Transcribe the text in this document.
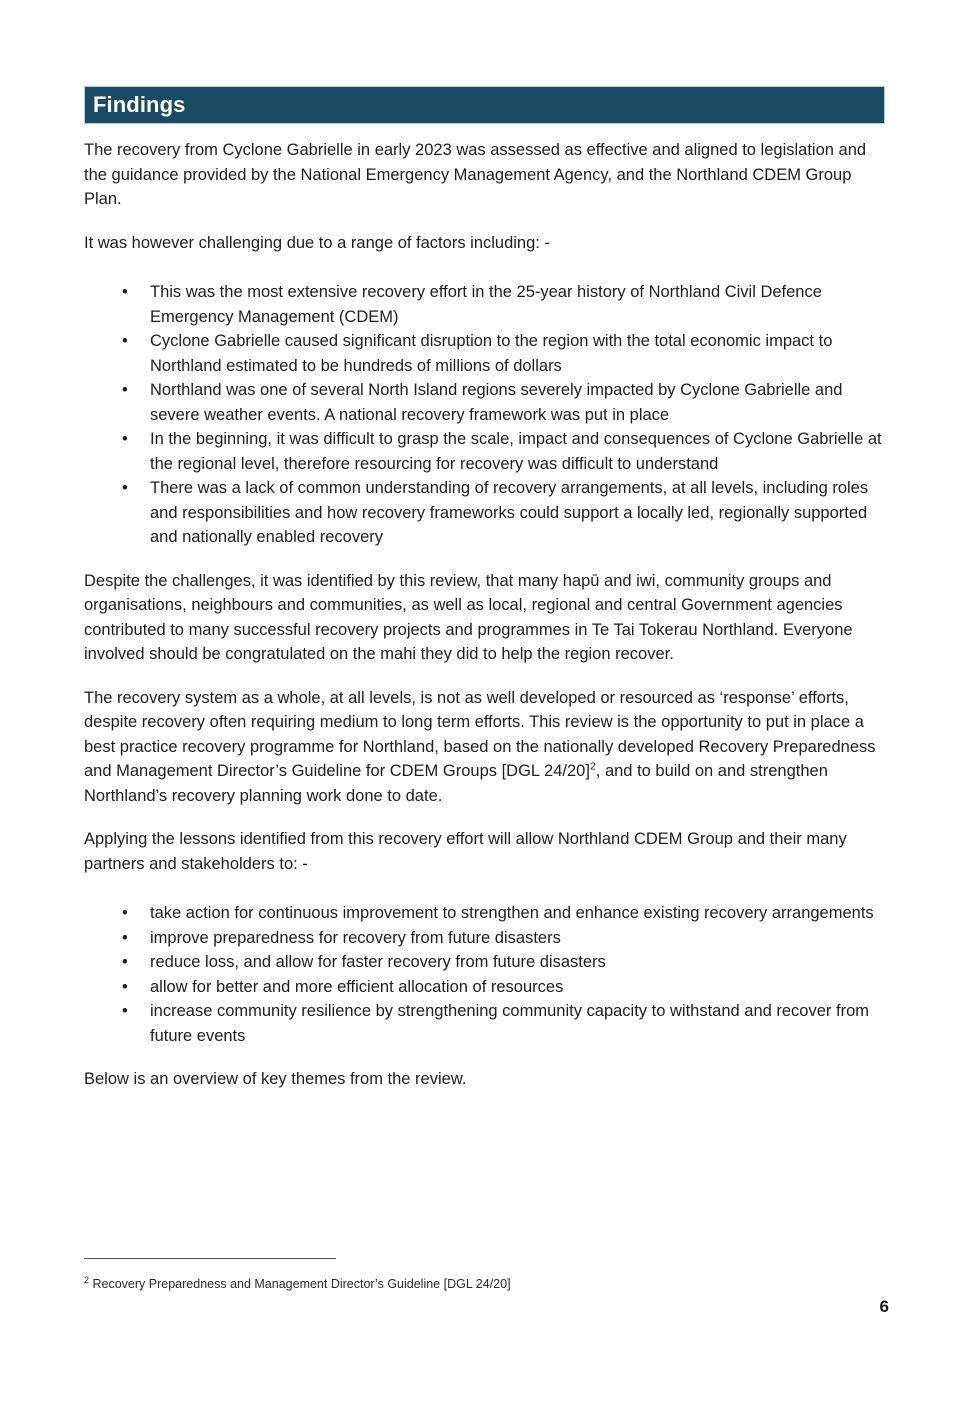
Findings

The recovery from Cyclone Gabrielle in early 2023 was assessed as effective and aligned to legislation and the guidance provided by the National Emergency Management Agency, and the Northland CDEM Group Plan.

It was however challenging due to a range of factors including: -

• This was the most extensive recovery effort in the 25-year history of Northland Civil Defence Emergency Management (CDEM)
• Cyclone Gabrielle caused significant disruption to the region with the total economic impact to Northland estimated to be hundreds of millions of dollars
• Northland was one of several North Island regions severely impacted by Cyclone Gabrielle and severe weather events. A national recovery framework was put in place
• In the beginning, it was difficult to grasp the scale, impact and consequences of Cyclone Gabrielle at the regional level, therefore resourcing for recovery was difficult to understand
• There was a lack of common understanding of recovery arrangements, at all levels, including roles and responsibilities and how recovery frameworks could support a locally led, regionally supported and nationally enabled recovery

Despite the challenges, it was identified by this review, that many hapū and iwi, community groups and organisations, neighbours and communities, as well as local, regional and central Government agencies contributed to many successful recovery projects and programmes in Te Tai Tokerau Northland. Everyone involved should be congratulated on the mahi they did to help the region recover.

The recovery system as a whole, at all levels, is not as well developed or resourced as ‘response’ efforts, despite recovery often requiring medium to long term efforts. This review is the opportunity to put in place a best practice recovery programme for Northland, based on the nationally developed Recovery Preparedness and Management Director’s Guideline for CDEM Groups [DGL 24/20]$^2$, and to build on and strengthen Northland’s recovery planning work done to date.

Applying the lessons identified from this recovery effort will allow Northland CDEM Group and their many partners and stakeholders to: -

• take action for continuous improvement to strengthen and enhance existing recovery arrangements
• improve preparedness for recovery from future disasters
• reduce loss, and allow for faster recovery from future disasters
• allow for better and more efficient allocation of resources
• increase community resilience by strengthening community capacity to withstand and recover from future events

Below is an overview of key themes from the review.

$^2$ Recovery Preparedness and Management Director’s Guideline [DGL 24/20]

6
